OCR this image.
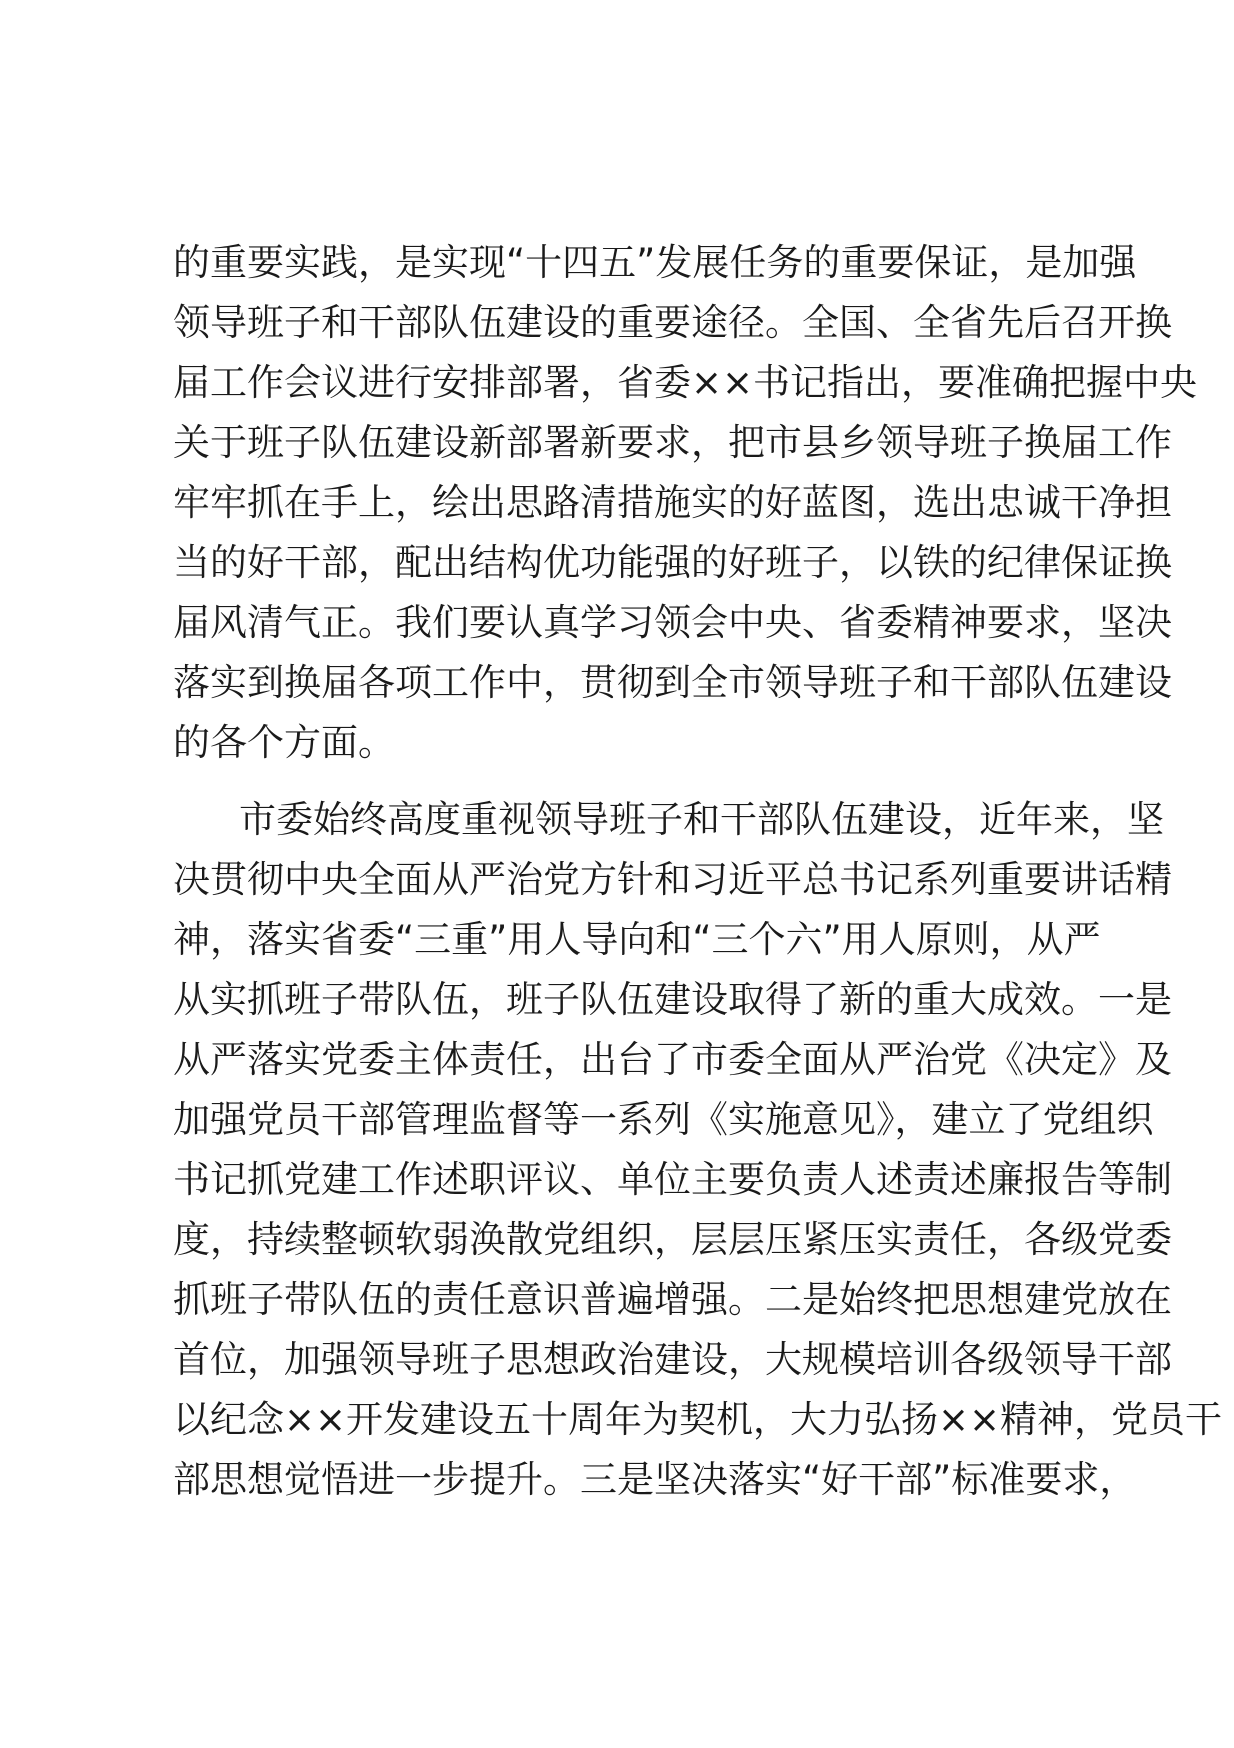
的重要实践，是实现“十四五”发展任务的重要保证，是加强
领导班子和干部队伍建设的重要途径。全国、全省先后召开换
届工作会议进行安排部署，省委××书记指出，要准确把握中央
关于班子队伍建设新部署新要求，把市县乡领导班子换届工作
牢牢抓在手上，绘出思路清措施实的好蓝图，选出忠诚干净担
当的好干部，配出结构优功能强的好班子，以铁的纪律保证换
届风清气正。我们要认真学习领会中央、省委精神要求，坚决
落实到换届各项工作中，贯彻到全市领导班子和干部队伍建设
的各个方面。
市委始终高度重视领导班子和干部队伍建设，近年来，坚
决贯彻中央全面从严治党方针和习近平总书记系列重要讲话精
神，落实省委“三重”用人导向和“三个六”用人原则，从严
从实抓班子带队伍，班子队伍建设取得了新的重大成效。一是
从严落实党委主体责任，出台了市委全面从严治党《决定》及
加强党员干部管理监督等一系列《实施意见》，建立了党组织
书记抓党建工作述职评议、单位主要负责人述责述廉报告等制
度，持续整顿软弱涣散党组织，层层压紧压实责任，各级党委
抓班子带队伍的责任意识普遍增强。二是始终把思想建党放在
首位，加强领导班子思想政治建设，大规模培训各级领导干部
以纪念××开发建设五十周年为契机，大力弘扬××精神，党员干
部思想觉悟进一步提升。三是坚决落实“好干部”标准要求，
